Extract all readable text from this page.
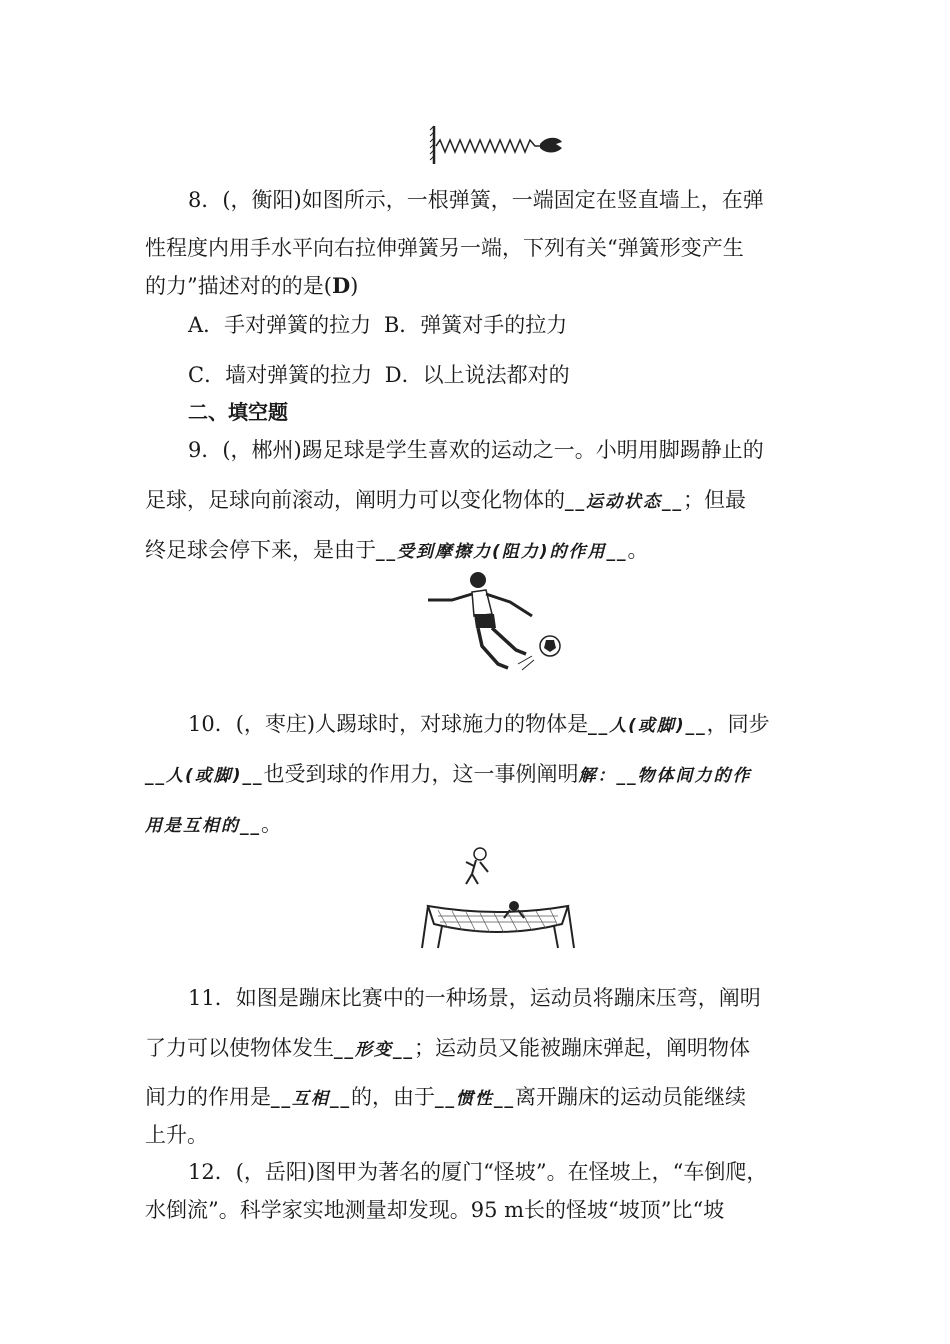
8．(，衡阳)如图所示，一根弹簧，一端固定在竖直墙上，在弹
性程度内用手水平向右拉伸弹簧另一端，下列有关“弹簧形变产生
的力”描述对的的是(D)
A．手对弹簧的拉力 B．弹簧对手的拉力
C．墙对弹簧的拉力 D．以上说法都对的
二、填空题
9．(，郴州)踢足球是学生喜欢的运动之一。小明用脚踢静止的
足球，足球向前滚动，阐明力可以变化物体的__运动状态__；但最
终足球会停下来，是由于__受到摩擦力(阻力)的作用__。
10．(，枣庄)人踢球时，对球施力的物体是__人(或脚)__，同步
__人(或脚)__也受到球的作用力，这一事例阐明解：__物体间力的作
用是互相的__。
11．如图是蹦床比赛中的一种场景，运动员将蹦床压弯，阐明
了力可以使物体发生__形变__；运动员又能被蹦床弹起，阐明物体
间力的作用是__互相__的，由于__惯性__离开蹦床的运动员能继续
上升。
12．(，岳阳)图甲为著名的厦门“怪坡”。在怪坡上，“车倒爬，
水倒流”。科学家实地测量却发现。95 m长的怪坡“坡顶”比“坡
